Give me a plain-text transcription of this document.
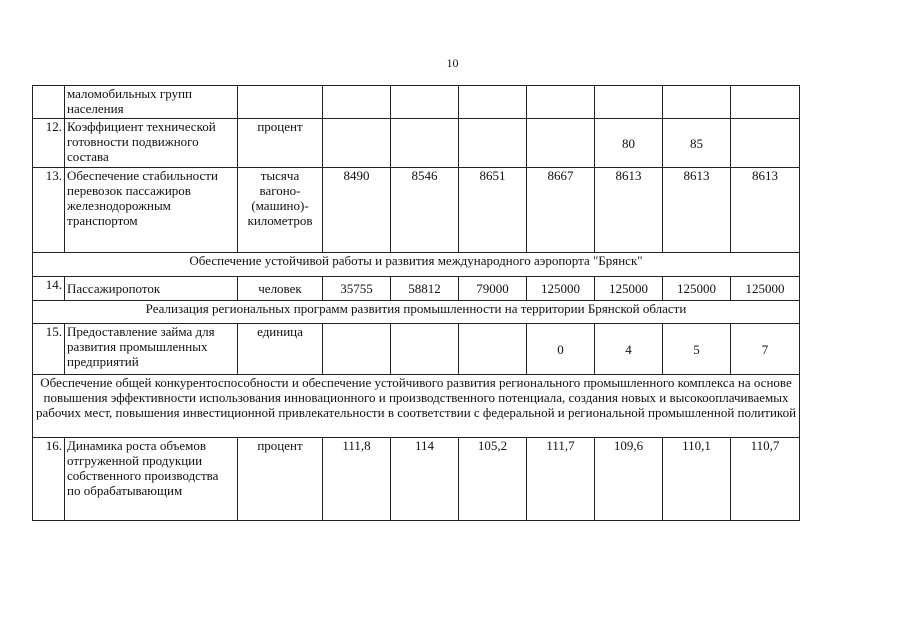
10
	маломобильных групп населения								
12.	Коэффициент технической готовности подвижного состава	процент					80	85	
13.	Обеспечение стабильности перевозок пассажиров железнодорожным транспортом	тысяча вагоно-(машино)-километров	8490	8546	8651	8667	8613	8613	8613
Обеспечение устойчивой работы и развития международного аэропорта "Брянск"									
14.	Пассажиропоток	человек	35755	58812	79000	125000	125000	125000	125000
Реализация региональных программ развития промышленности на территории Брянской области									
15.	Предоставление займа для развития промышленных предприятий	единица				0	4	5	7
Обеспечение общей конкурентоспособности и обеспечение устойчивого развития регионального промышленного комплекса на основе повышения эффективности использования инновационного и производственного потенциала, создания новых и высокооплачиваемых рабочих мест, повышения инвестиционной привлекательности в соответствии с федеральной и региональной промышленной политикой									
16.	Динамика роста объемов отгруженной продукции собственного производства по обрабатывающим	процент	111,8	114	105,2	111,7	109,6	110,1	110,7
